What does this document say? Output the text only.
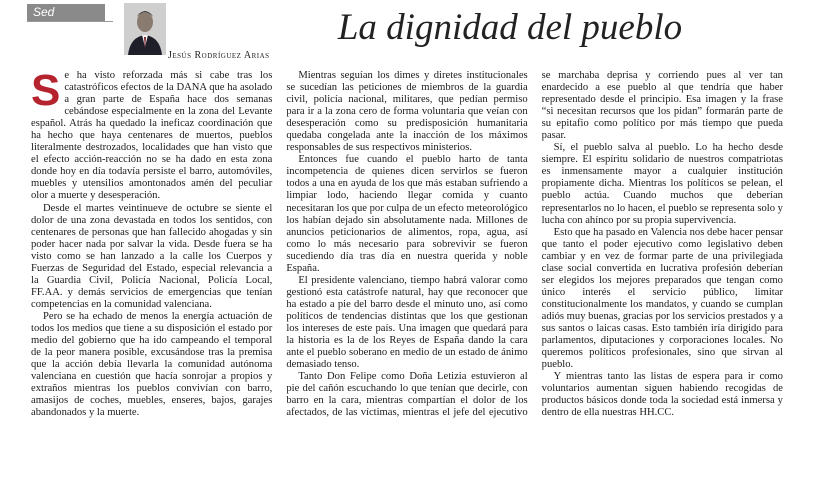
Sed valientes
Jesús Rodríguez Arias
La dignidad del pueblo

Se ha visto reforzada más si cabe tras los catastróficos efectos de la DANA que ha asolado a gran parte de España hace dos semanas cebándose especialmente en la zona del Levante español. Atrás ha quedado la ineficaz coordinación que ha hecho que haya centenares de muertos, pueblos literalmente destrozados, localidades que han visto que el efecto acción-reacción no se ha dado en esta zona donde hoy en día todavía persiste el barro, automóviles, muebles y utensilios amontonados amén del peculiar olor a muerte y desesperación.

Desde el martes veintinueve de octubre se siente el dolor de una zona devastada en todos los sentidos, con centenares de personas que han fallecido ahogadas y sin poder hacer nada por salvar la vida. Desde fuera se ha visto como se han lanzado a la calle los Cuerpos y Fuerzas de Seguridad del Estado, especial relevancia a la Guardia Civil, Policía Nacional, Policía Local, FF.AA. y demás servicios de emergencias que tenían competencias en la comunidad valenciana.

Pero se ha echado de menos la energía actuación de todos los medios que tiene a su disposición el estado por medio del gobierno que ha ido campeando el temporal de la peor manera posible, excusándose tras la premisa que la acción debía llevarla la comunidad autónoma valenciana en cuestión que hacía sonrojar a propios y extraños mientras los pueblos convivían con barro, amasijos de coches, muebles, enseres, bajos, garajes abandonados y la muerte.

Mientras seguían los dimes y diretes institucionales se sucedían las peticiones de miembros de la guardia civil, policía nacional, militares, que pedían permiso para ir a la zona cero de forma voluntaria que veían con desesperación como su predisposición humanitaria quedaba congelada ante la inacción de los máximos responsables de sus respectivos ministerios.

Entonces fue cuando el pueblo harto de tanta incompetencia de quienes dicen servirlos se fueron todos a una en ayuda de los que más estaban sufriendo a limpiar lodo, haciendo llegar comida y cuanto necesitaran los que por culpa de un efecto meteorológico los habían dejado sin absolutamente nada. Millones de anuncios peticionarios de alimentos, ropa, agua, así como lo más necesario para sobrevivir se fueron sucediendo día tras día en nuestra querida y noble España.

El presidente valenciano, tiempo habrá valorar como gestionó esta catástrofe natural, hay que reconocer que ha estado a pie del barro desde el minuto uno, así como políticos de tendencias distintas que los que gestionan los intereses de este país. Una imagen que quedará para la historia es la de los Reyes de España dando la cara ante el pueblo soberano en medio de un estado de ánimo demasiado tenso.

Tanto Don Felipe como Doña Letizia estuvieron al pie del cañón escuchando lo que tenían que decirle, con barro en la cara, mientras compartían el dolor de los afectados, de las víctimas, mientras el jefe del ejecutivo se marchaba deprisa y corriendo pues al ver tan enardecido a ese pueblo al que tendría que haber representado desde el principio. Esa imagen y la frase “si necesitan recursos que los pidan” formarán parte de su epitafio como político por más tiempo que pueda pasar.

Sí, el pueblo salva al pueblo. Lo ha hecho desde siempre. El espíritu solidario de nuestros compatriotas es inmensamente mayor a cualquier institución propiamente dicha. Mientras los políticos se pelean, el pueblo actúa. Cuando muchos que deberían representarlos no lo hacen, el pueblo se representa solo y lucha con ahínco por su propia supervivencia.

Esto que ha pasado en Valencia nos debe hacer pensar que tanto el poder ejecutivo como legislativo deben cambiar y en vez de formar parte de una privilegiada clase social convertida en lucrativa profesión deberían ser elegidos los mejores preparados que tengan como único interés el servicio público, limitar constitucionalmente los mandatos, y cuando se cumplan adiós muy buenas, gracias por los servicios prestados y a sus santos o laicas casas. Esto también iría dirigido para parlamentos, diputaciones y corporaciones locales. No queremos políticos profesionales, sino que sirvan al pueblo.

Y mientras tanto las listas de espera para ir como voluntarios aumentan siguen habiendo recogidas de productos básicos donde toda la sociedad está inmersa y dentro de ella nuestras HH.CC.
